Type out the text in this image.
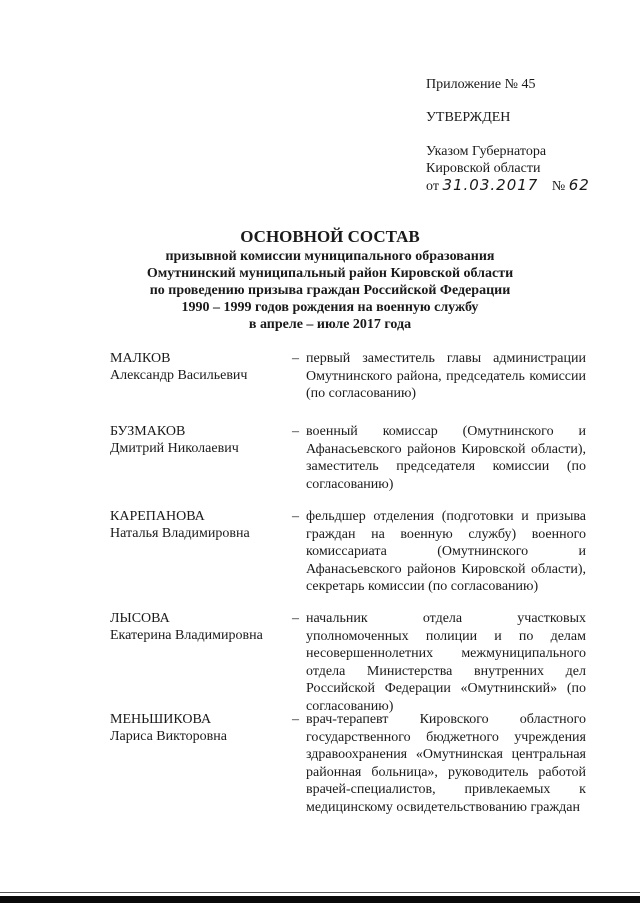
Приложение № 45
УТВЕРЖДЕН
Указом Губернатора
Кировской области
от 31.03.2017 № 62
ОСНОВНОЙ СОСТАВ
призывной комиссии муниципального образования
Омутнинский муниципальный район Кировской области
по проведению призыва граждан Российской Федерации
1990 – 1999 годов рождения на военную службу
в апреле – июле 2017 года
МАЛКОВ
Александр Васильевич
– первый заместитель главы администрации Омутнинского района, председатель комиссии (по согласованию)
БУЗМАКОВ
Дмитрий Николаевич
– военный комиссар (Омутнинского и Афанасьевского районов Кировской области), заместитель председателя комиссии (по согласованию)
КАРЕПАНОВА
Наталья Владимировна
– фельдшер отделения (подготовки и призыва граждан на военную службу) военного комиссариата (Омутнинского и Афанасьевского районов Кировской области), секретарь комиссии (по согласованию)
ЛЫСОВА
Екатерина Владимировна
– начальник отдела участковых уполномоченных полиции и по делам несовершеннолетних межмуниципального отдела Министерства внутренних дел Российской Федерации «Омутнинский» (по согласованию)
МЕНЬШИКОВА
Лариса Викторовна
– врач-терапевт Кировского областного государственного бюджетного учреждения здравоохранения «Омутнинская центральная районная больница», руководитель работой врачей-специалистов, привлекаемых к медицинскому освидетельствованию граждан
